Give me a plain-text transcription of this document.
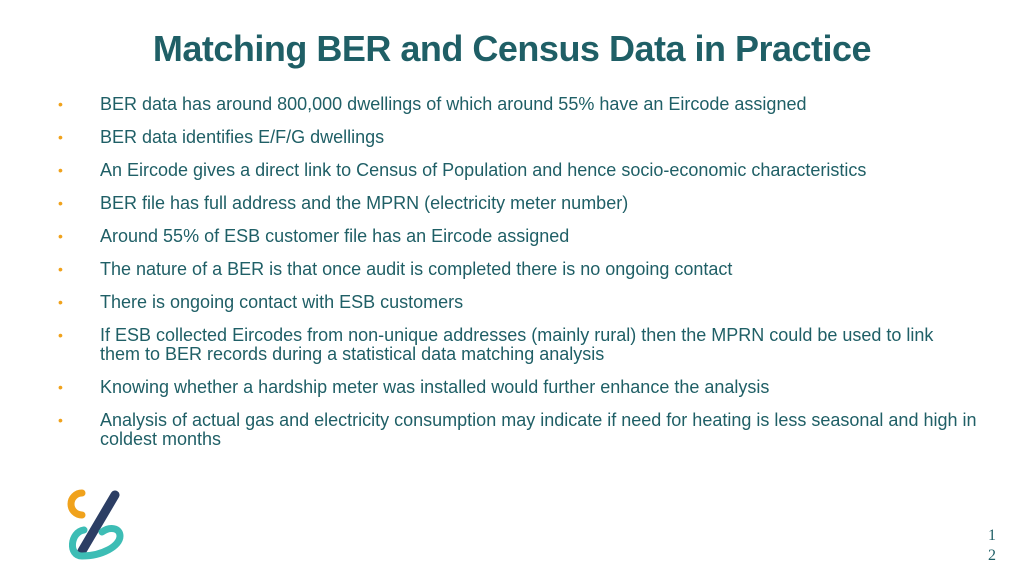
Matching BER and Census Data in Practice
• BER data has around 800,000 dwellings of which around 55% have an Eircode assigned
• BER data identifies E/F/G dwellings
• An Eircode gives a direct link to Census of Population and hence socio-economic characteristics
• BER file has full address and the MPRN (electricity meter number)
• Around 55% of ESB customer file has an Eircode assigned
• The nature of a BER is that once audit is completed there is no ongoing contact
• There is ongoing contact with ESB customers
• If ESB collected Eircodes from non-unique addresses (mainly rural) then the MPRN could be used to link them to BER records during a statistical data matching analysis
• Knowing whether a hardship meter was installed would further enhance the analysis
• Analysis of actual gas and electricity consumption may indicate if need for heating is less seasonal and high in coldest months
1
2
